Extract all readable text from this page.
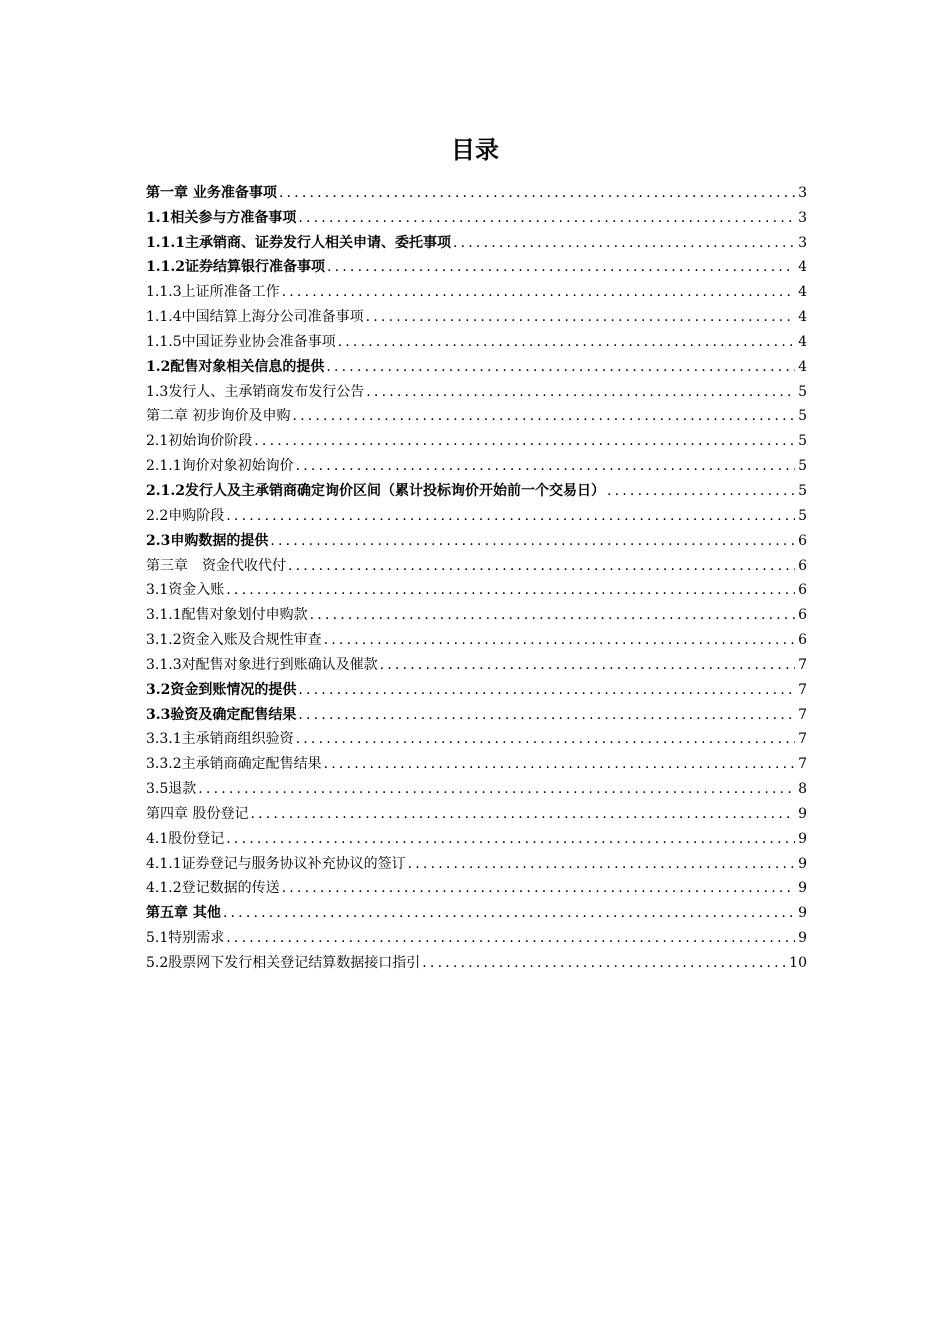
目录
第一章 业务准备事项 .....	3
1.1相关参与方准备事项 .....	3
1.1.1主承销商、证券发行人相关申请、委托事项 .....	3
1.1.2证券结算银行准备事项 .....	4
1.1.3上证所准备工作 .....	4
1.1.4中国结算上海分公司准备事项 .....	4
1.1.5中国证券业协会准备事项 .....	4
1.2配售对象相关信息的提供 .....	4
1.3发行人、主承销商发布发行公告 .....	5
第二章 初步询价及申购 .....	5
2.1初始询价阶段 .....	5
2.1.1询价对象初始询价 .....	5
2.1.2发行人及主承销商确定询价区间（累计投标询价开始前一个交易日） .....	5
2.2申购阶段 .....	5
2.3申购数据的提供 .....	6
第三章　资金代收代付 .....	6
3.1资金入账 .....	6
3.1.1配售对象划付申购款 .....	6
3.1.2资金入账及合规性审查 .....	6
3.1.3对配售对象进行到账确认及催款 .....	7
3.2资金到账情况的提供 .....	7
3.3验资及确定配售结果 .....	7
3.3.1主承销商组织验资 .....	7
3.3.2主承销商确定配售结果 .....	7
3.5退款 .....	8
第四章 股份登记 .....	9
4.1股份登记 .....	9
4.1.1证券登记与服务协议补充协议的签订 .....	9
4.1.2登记数据的传送 .....	9
第五章 其他 .....	9
5.1特别需求 .....	9
5.2股票网下发行相关登记结算数据接口指引 .....	10
